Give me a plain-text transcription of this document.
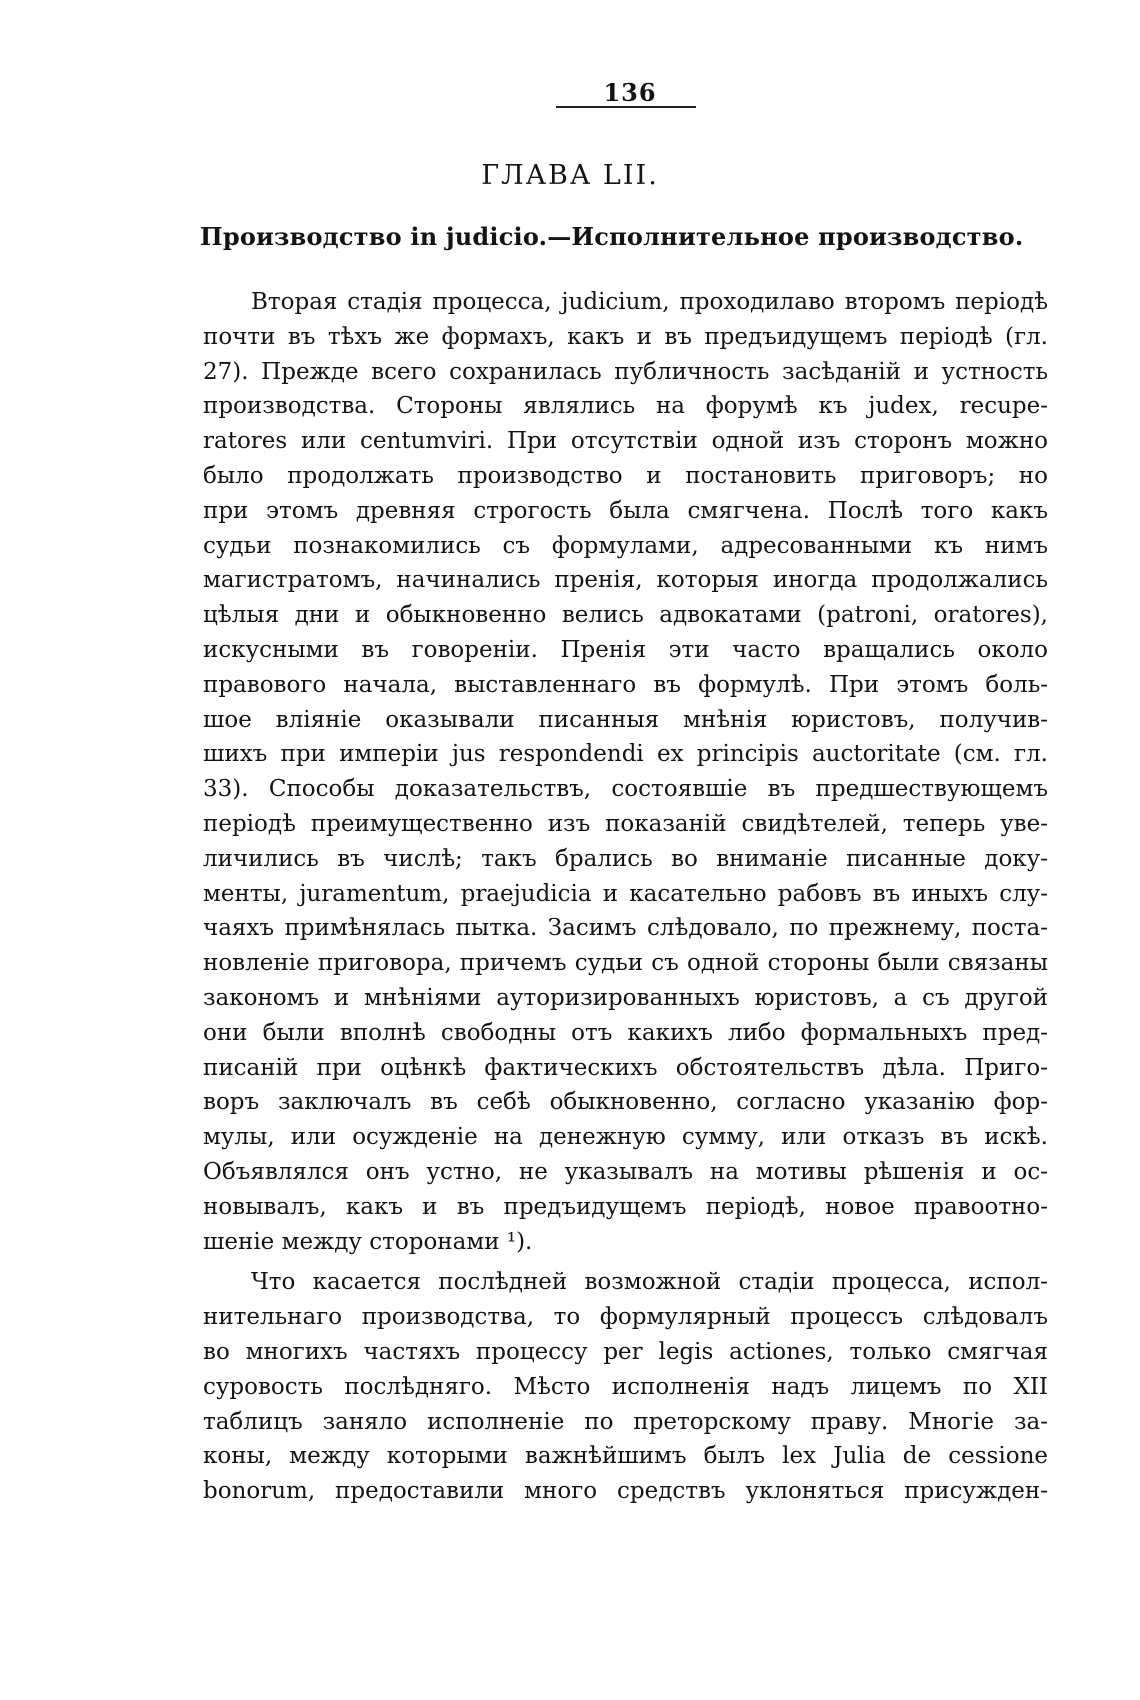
136
ГЛАВА LII.
Производство in judicio.—Исполнительное производство.
Вторая стадія процесса, judicium, проходилаво второмъ періодѣ
почти въ тѣхъ же формахъ, какъ и въ предъидущемъ періодѣ (гл.
27). Прежде всего сохранилась публичность засѣданій и устность
производства. Стороны являлись на форумѣ къ judex, recupe-
ratores или centumviri. При отсутствіи одной изъ сторонъ можно
было продолжать производство и постановить приговоръ; но
при этомъ древняя строгость была смягчена. Послѣ того какъ
судьи познакомились съ формулами, адресованными къ нимъ
магистратомъ, начинались пренія, которыя иногда продолжались
цѣлыя дни и обыкновенно велись адвокатами (patroni, oratores),
искусными въ говореніи. Пренія эти часто вращались около
правового начала, выставленнаго въ формулѣ. При этомъ боль-
шое вліяніе оказывали писанныя мнѣнія юристовъ, получив-
шихъ при имперіи jus respondendi ex principis auctoritate (см. гл.
33). Способы доказательствъ, состоявшіе въ предшествующемъ
періодѣ преимущественно изъ показаній свидѣтелей, теперь уве-
личились въ числѣ; такъ брались во вниманіе писанные доку-
менты, juramentum, praejudicia и касательно рабовъ въ иныхъ слу-
чаяхъ примѣнялась пытка. Засимъ слѣдовало, по прежнему, поста-
новленіе приговора, причемъ судьи съ одной стороны были связаны
закономъ и мнѣніями ауторизированныхъ юристовъ, а съ другой
они были вполнѣ свободны отъ какихъ либо формальныхъ пред-
писаній при оцѣнкѣ фактическихъ обстоятельствъ дѣла. Приго-
воръ заключалъ въ себѣ обыкновенно, согласно указанію фор-
мулы, или осужденіе на денежную сумму, или отказъ въ искѣ.
Объявлялся онъ устно, не указывалъ на мотивы рѣшенія и ос-
новывалъ, какъ и въ предъидущемъ періодѣ, новое правоотно-
шеніе между сторонами ¹).
Что касается послѣдней возможной стадіи процесса, испол-
нительнаго производства, то формулярный процессъ слѣдовалъ
во многихъ частяхъ процессу per legis actiones, только смягчая
суровость послѣдняго. Мѣсто исполненія надъ лицемъ по XII
таблицъ заняло исполненіе по преторскому праву. Многіе за-
коны, между которыми важнѣйшимъ былъ lex Julia de cessione
bonorum, предоставили много средствъ уклоняться присужден-
